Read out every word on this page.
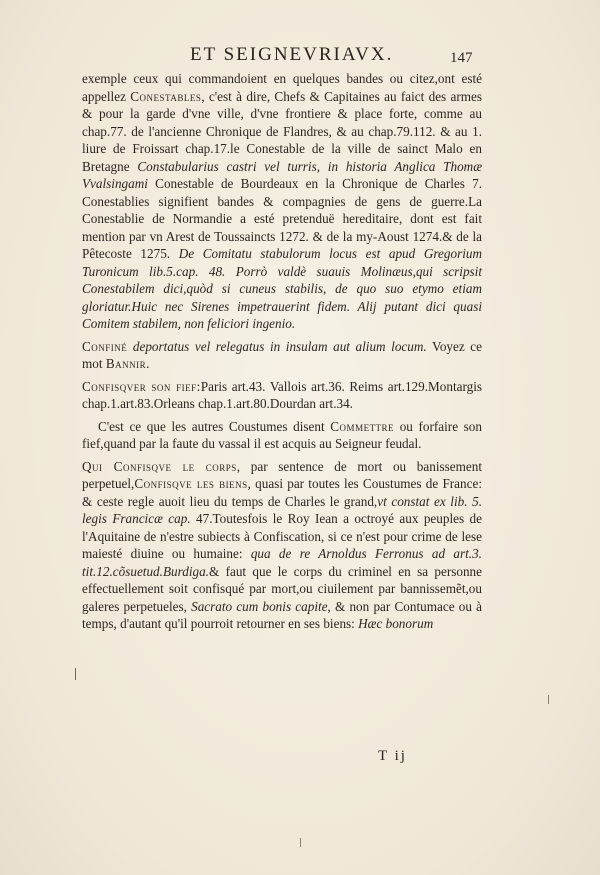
ET SEIGNEVRIAVX.	147

exemple ceux qui commandoient en quelques bandes ou citez,ont esté appellez Conestables, c'est à dire, Chefs & Capitaines au faict des armes & pour la garde d'vne ville, d'vne frontiere & place forte, comme au chap.77. de l'ancienne Chronique de Flandres, & au chap.79.112. & au 1. liure de Froissart chap.17.le Conestable de la ville de sainct Malo en Bretagne Constabularius castri vel turris, in historia Anglica Thomæ Vvalsingami Conestable de Bourdeaux en la Chronique de Charles 7. Conestablies signifient bandes & compagnies de gens de guerre.La Conestablie de Normandie a esté pretenduë hereditaire, dont est fait mention par vn Arest de Toussaincts 1272. & de la my-Aoust 1274.& de la Pêtecoste 1275. De Comitatu stabulorum locus est apud Gregorium Turonicum lib.5.cap. 48. Porrò valdè suauis Molinæus,qui scripsit Conestabilem dici,quòd si cuneus stabilis, de quo suo etymo etiam gloriatur.Huic nec Sirenes impetrauerint fidem. Alij putant dici quasi Comitem stabilem, non feliciori ingenio.

Confiné deportatus vel relegatus in insulam aut alium locum. Voyez ce mot Bannir.

Confisqver son fief:Paris art.43. Vallois art.36. Reims art.129.Montargis chap.1.art.83.Orleans chap.1.art.80.Dourdan art.34.

C'est ce que les autres Coustumes disent Commettre ou forfaire son fief,quand par la faute du vassal il est acquis au Seigneur feudal.

Qui Confisqve le corps, par sentence de mort ou banissement perpetuel,Confisqve les biens, quasi par toutes les Coustumes de France: & ceste regle auoit lieu du temps de Charles le grand,vt constat ex lib. 5. legis Francicæ cap. 47.Toutesfois le Roy Iean a octroyé aux peuples de l'Aquitaine de n'estre subiects à Confiscation, si ce n'est pour crime de lese maiesté diuine ou humaine: qua de re Arnoldus Ferronus ad art.3. tit.12.cõsuetud.Burdiga.& faut que le corps du criminel en sa personne effectuellement soit confisqué par mort,ou ciuilement par bannissemẽt,ou galeres perpetueles, Sacrato cum bonis capite, & non par Contumace ou à temps, d'autant qu'il pourroit retourner en ses biens: Hæc bonorum

T ij
